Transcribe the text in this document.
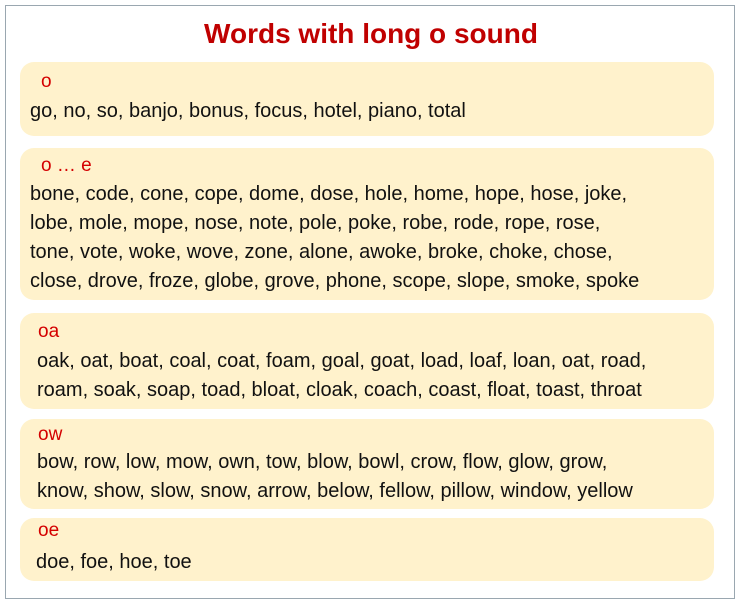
Words with long o sound
o
go, no, so, banjo, bonus, focus, hotel, piano, total
o … e
bone, code, cone, cope, dome, dose, hole, home, hope, hose, joke,
lobe, mole, mope, nose, note, pole, poke, robe, rode, rope, rose,
tone, vote, woke, wove, zone, alone, awoke, broke, choke, chose,
close, drove, froze, globe, grove, phone, scope, slope, smoke, spoke
oa
oak, oat, boat, coal, coat, foam, goal, goat, load, loaf, loan, oat, road,
roam, soak, soap, toad, bloat, cloak, coach, coast, float, toast, throat
ow
bow, row, low, mow, own, tow, blow, bowl, crow, flow, glow, grow,
know, show, slow, snow, arrow, below, fellow, pillow, window, yellow
oe
doe, foe, hoe, toe
